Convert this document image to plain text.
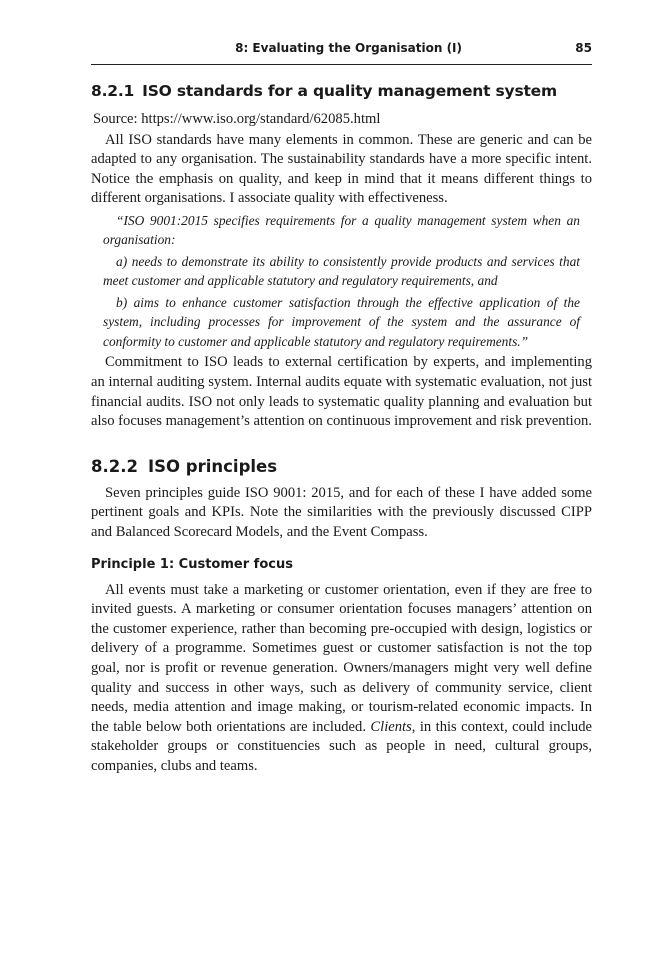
8: Evaluating the Organisation (I)	85
8.2.1 ISO standards for a quality management system

Source: https://www.iso.org/standard/62085.html

All ISO standards have many elements in common. These are generic and can be adapted to any organisation. The sustainability standards have a more specific intent. Notice the emphasis on quality, and keep in mind that it means different things to different organisations. I associate quality with effectiveness.

“ISO 9001:2015 specifies requirements for a quality management system when an organisation:

a) needs to demonstrate its ability to consistently provide products and services that meet customer and applicable statutory and regulatory requirements, and

b) aims to enhance customer satisfaction through the effective application of the system, including processes for improvement of the system and the assurance of conformity to customer and applicable statutory and regulatory requirements.”

Commitment to ISO leads to external certification by experts, and implementing an internal auditing system. Internal audits equate with systematic evaluation, not just financial audits. ISO not only leads to systematic quality planning and evaluation but also focuses management’s attention on continuous improvement and risk prevention.

8.2.2 ISO principles

Seven principles guide ISO 9001: 2015, and for each of these I have added some pertinent goals and KPIs. Note the similarities with the previously discussed CIPP and Balanced Scorecard Models, and the Event Compass.

Principle 1: Customer focus

All events must take a marketing or customer orientation, even if they are free to invited guests. A marketing or consumer orientation focuses managers’ attention on the customer experience, rather than becoming pre-occupied with design, logistics or delivery of a programme. Sometimes guest or customer satisfaction is not the top goal, nor is profit or revenue generation. Owners/managers might very well define quality and success in other ways, such as delivery of community service, client needs, media attention and image making, or tourism-related economic impacts. In the table below both orientations are included. Clients, in this context, could include stakeholder groups or constituencies such as people in need, cultural groups, companies, clubs and teams.
